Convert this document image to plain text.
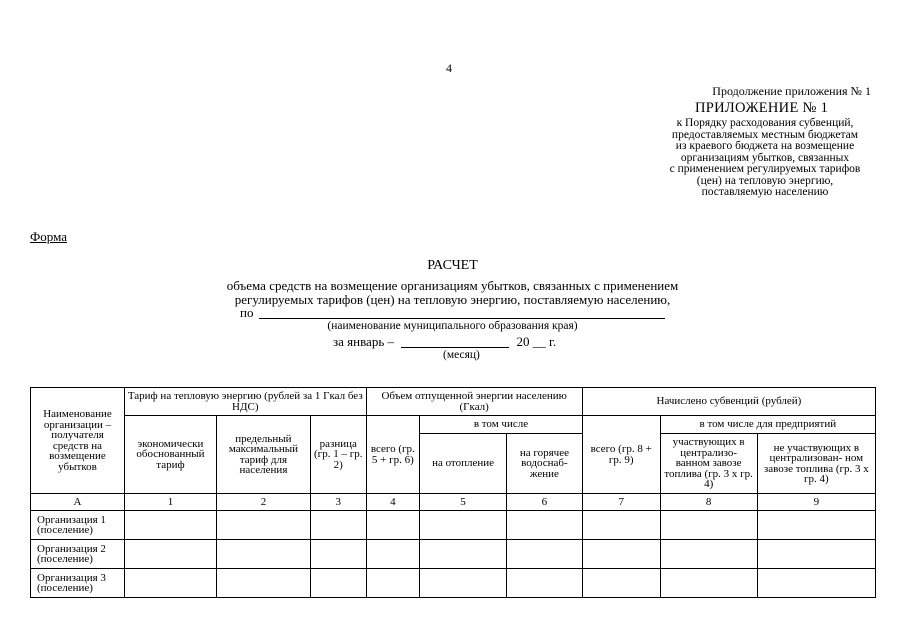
4
Продолжение приложения № 1
ПРИЛОЖЕНИЕ № 1
к Порядку расходования субвенций,
предоставляемых местным бюджетам
из краевого бюджета на возмещение
организациям убытков, связанных
с применением регулируемых тарифов
(цен) на тепловую энергию,
поставляемую населению
Форма
РАСЧЕТ
объема средств на возмещение организациям убытков, связанных с применением
регулируемых тарифов (цен) на тепловую энергию, поставляемую населению,
по
(наименование муниципального образования края)
за январь –	20 __ г.
(месяц)
Наименование организации – получателя средств на возмещение убытков	Тариф на тепловую энергию (рублей за 1 Гкал без НДС)			Объем отпущенной энергии населению (Гкал)			Начислено субвенций (рублей)		
	экономически обоснованный тариф	предельный максимальный тариф для населения	разница (гр. 1 – гр. 2)	всего (гр. 5 + гр. 6)	в том числе		всего (гр. 8 + гр. 9)	в том числе для предприятий	
					на отопление	на горячее водоснаб- жение		участвующих в централизо- ванном завозе топлива (гр. 3 х гр. 4)	не участвующих в централизован- ном завозе топлива (гр. 3 х гр. 4)
А	1	2	3	4	5	6	7	8	9
Организация 1 (поселение)									
Организация 2 (поселение)									
Организация 3 (поселение)									
